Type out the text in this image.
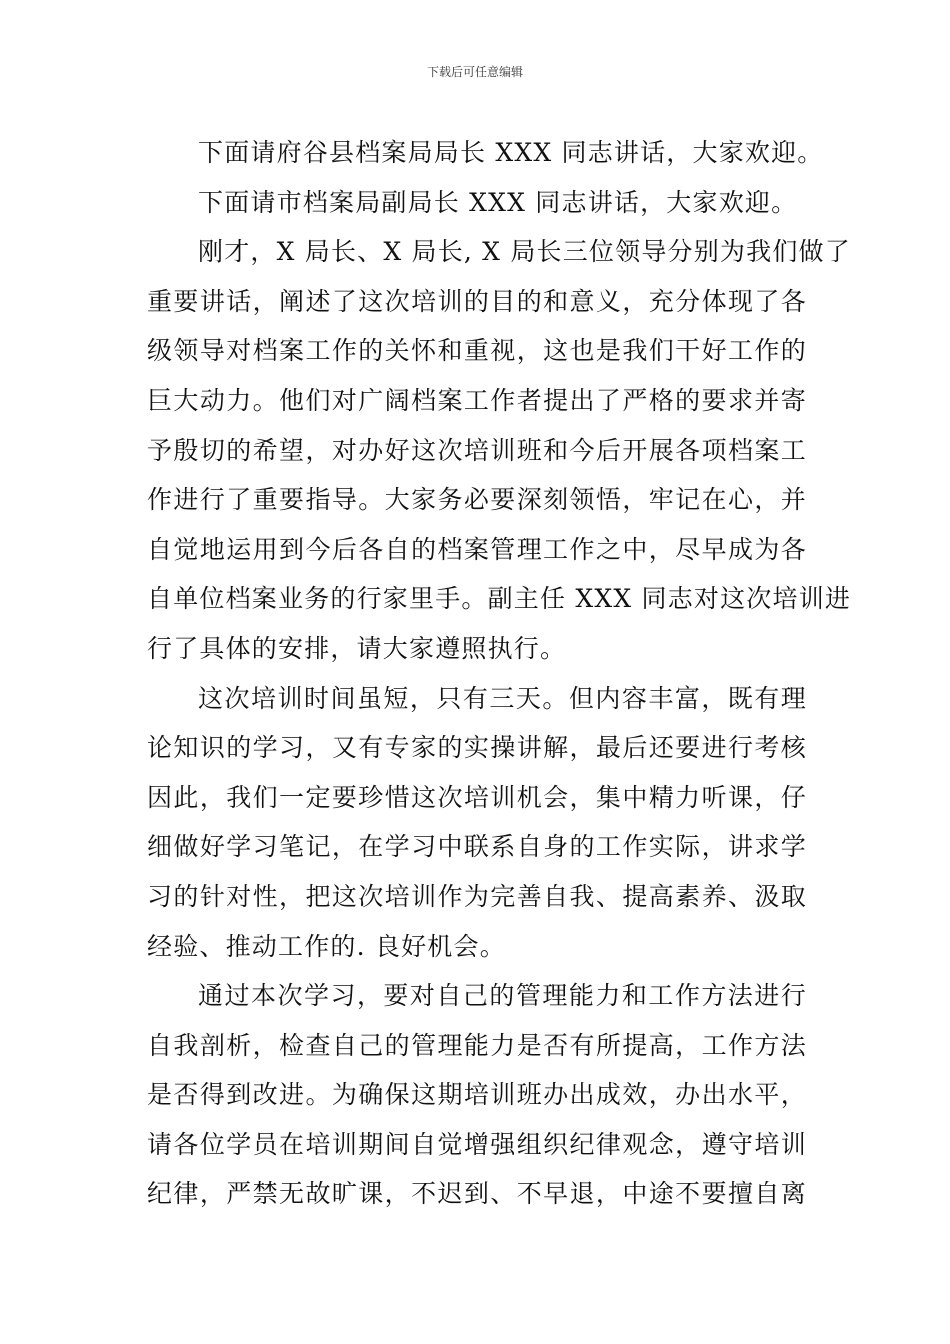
下载后可任意编辑
下面请府谷县档案局局长 XXX 同志讲话，大家欢迎。
下面请市档案局副局长 XXX 同志讲话，大家欢迎。
刚才，X 局长、X 局长, X 局长三位领导分别为我们做了
重要讲话，阐述了这次培训的目的和意义，充分体现了各
级领导对档案工作的关怀和重视，这也是我们干好工作的
巨大动力。他们对广阔档案工作者提出了严格的要求并寄
予殷切的希望，对办好这次培训班和今后开展各项档案工
作进行了重要指导。大家务必要深刻领悟，牢记在心，并
自觉地运用到今后各自的档案管理工作之中，尽早成为各
自单位档案业务的行家里手。副主任 XXX 同志对这次培训进
行了具体的安排，请大家遵照执行。
这次培训时间虽短，只有三天。但内容丰富，既有理
论知识的学习，又有专家的实操讲解，最后还要进行考核
因此，我们一定要珍惜这次培训机会，集中精力听课，仔
细做好学习笔记，在学习中联系自身的工作实际，讲求学
习的针对性，把这次培训作为完善自我、提高素养、汲取
经验、推动工作的. 良好机会。
通过本次学习，要对自己的管理能力和工作方法进行
自我剖析，检查自己的管理能力是否有所提高，工作方法
是否得到改进。为确保这期培训班办出成效，办出水平，
请各位学员在培训期间自觉增强组织纪律观念，遵守培训
纪律，严禁无故旷课，不迟到、不早退，中途不要擅自离
